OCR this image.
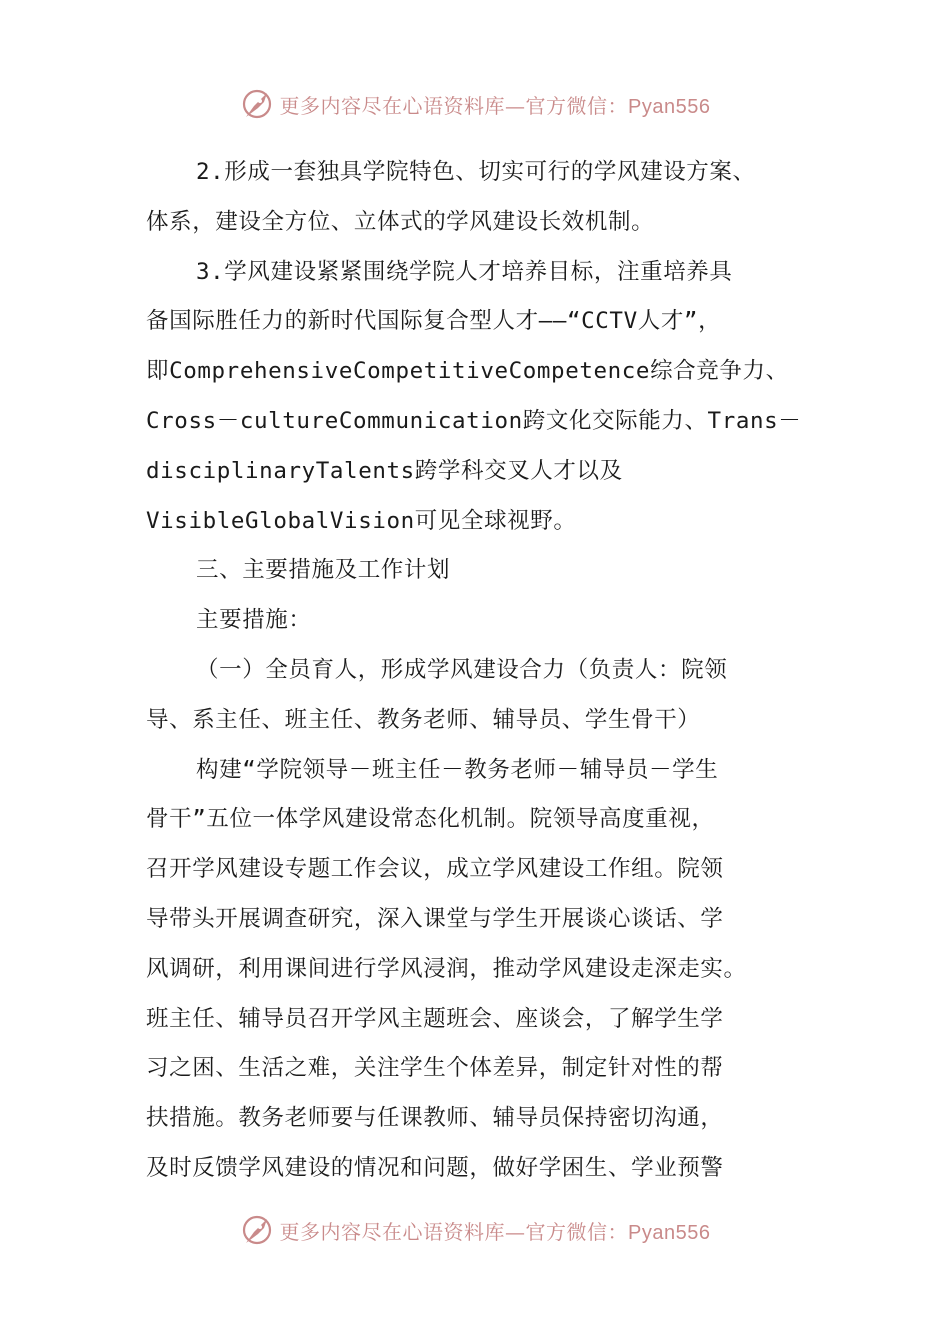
更多内容尽在心语资料库—官方微信：Pyan556
2.形成一套独具学院特色、切实可行的学风建设方案、
体系，建设全方位、立体式的学风建设长效机制。
3.学风建设紧紧围绕学院人才培养目标，注重培养具
备国际胜任力的新时代国际复合型人才——“CCTV人才”，
即ComprehensiveCompetitiveCompetence综合竞争力、
Cross－cultureCommunication跨文化交际能力、Trans－
disciplinaryTalents跨学科交叉人才以及
VisibleGlobalVision可见全球视野。
三、主要措施及工作计划
主要措施：
（一）全员育人，形成学风建设合力（负责人：院领
导、系主任、班主任、教务老师、辅导员、学生骨干）
构建“学院领导－班主任－教务老师－辅导员－学生
骨干”五位一体学风建设常态化机制。院领导高度重视，
召开学风建设专题工作会议，成立学风建设工作组。院领
导带头开展调查研究，深入课堂与学生开展谈心谈话、学
风调研，利用课间进行学风浸润，推动学风建设走深走实。
班主任、辅导员召开学风主题班会、座谈会，了解学生学
习之困、生活之难，关注学生个体差异，制定针对性的帮
扶措施。教务老师要与任课教师、辅导员保持密切沟通，
及时反馈学风建设的情况和问题，做好学困生、学业预警
更多内容尽在心语资料库—官方微信：Pyan556
